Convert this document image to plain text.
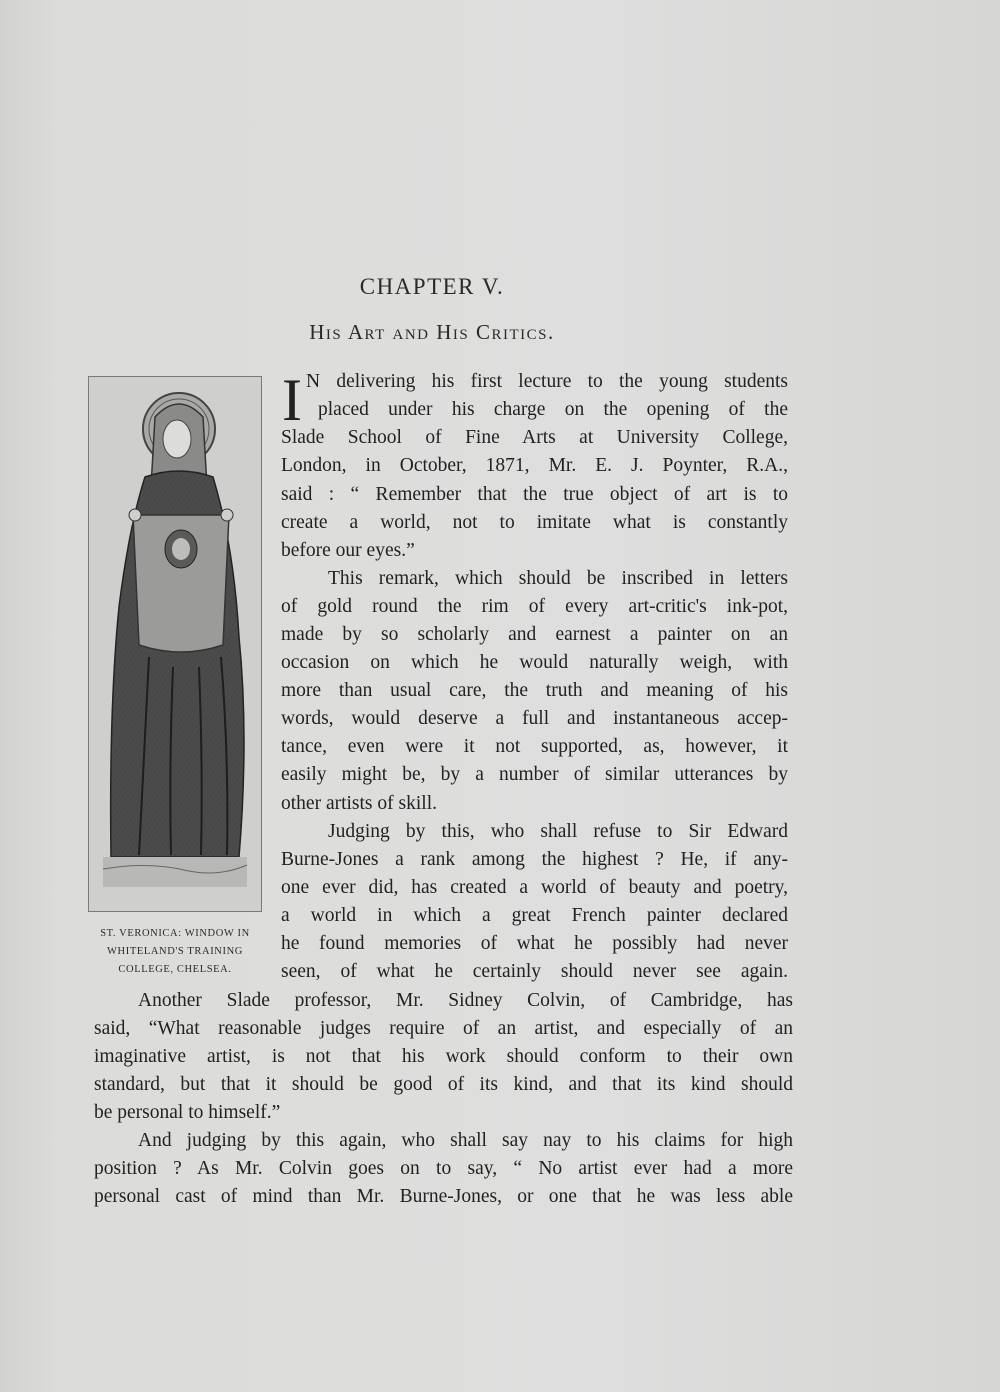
CHAPTER V.
His Art and His Critics.
ST. VERONICA: WINDOW IN
WHITELAND'S TRAINING
COLLEGE, CHELSEA.
I N delivering his first lecture to the young students
placed under his charge on the opening of the
Slade School of Fine Arts at University College,
London, in October, 1871, Mr. E. J. Poynter, R.A.,
said : “ Remember that the true object of art is to
create a world, not to imitate what is constantly
before our eyes.”
This remark, which should be inscribed in letters
of gold round the rim of every art-critic's ink-pot,
made by so scholarly and earnest a painter on an
occasion on which he would naturally weigh, with
more than usual care, the truth and meaning of his
words, would deserve a full and instantaneous accep-
tance, even were it not supported, as, however, it
easily might be, by a number of similar utterances by
other artists of skill.
Judging by this, who shall refuse to Sir Edward
Burne-Jones a rank among the highest ? He, if any-
one ever did, has created a world of beauty and poetry,
a world in which a great French painter declared
he found memories of what he possibly had never
seen, of what he certainly should never see again.
Another Slade professor, Mr. Sidney Colvin, of Cambridge, has
said, “What reasonable judges require of an artist, and especially of an
imaginative artist, is not that his work should conform to their own
standard, but that it should be good of its kind, and that its kind should
be personal to himself.”
And judging by this again, who shall say nay to his claims for high
position ? As Mr. Colvin goes on to say, “ No artist ever had a more
personal cast of mind than Mr. Burne-Jones, or one that he was less able
